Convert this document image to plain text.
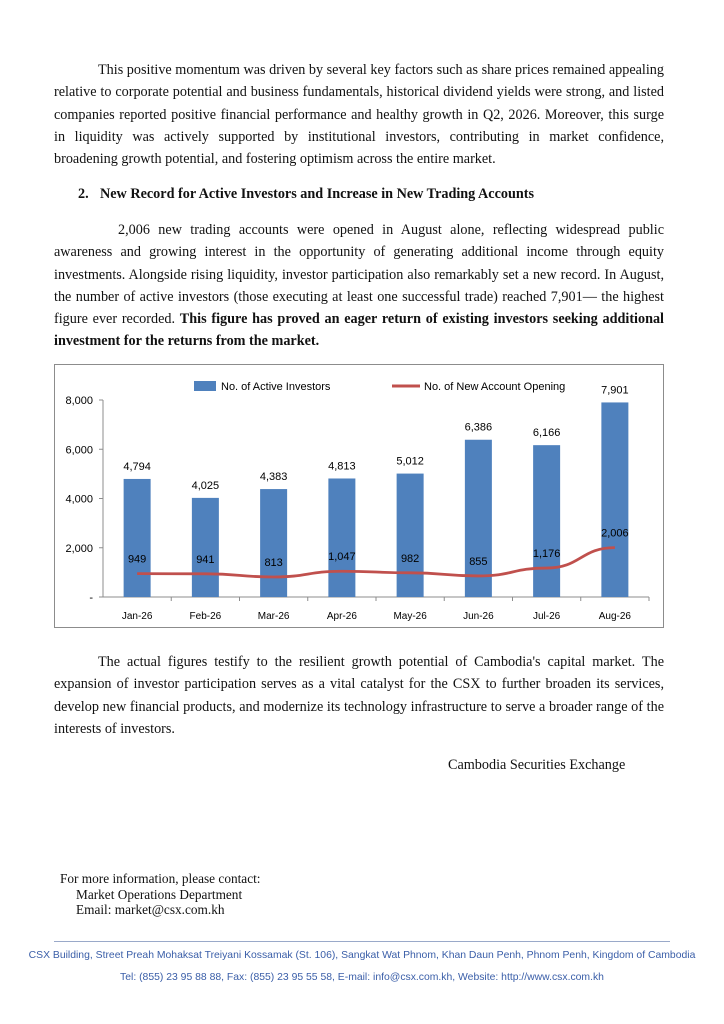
This positive momentum was driven by several key factors such as share prices remained appealing relative to corporate potential and business fundamentals, historical dividend yields were strong, and listed companies reported positive financial performance and healthy growth in Q2, 2026. Moreover, this surge in liquidity was actively supported by institutional investors, contributing in market confidence, broadening growth potential, and fostering optimism across the entire market.

2. New Record for Active Investors and Increase in New Trading Accounts

2,006 new trading accounts were opened in August alone, reflecting widespread public awareness and growing interest in the opportunity of generating additional income through equity investments. Alongside rising liquidity, investor participation also remarkably set a new record. In August, the number of active investors (those executing at least one successful trade) reached 7,901— the highest figure ever recorded. This figure has proved an eager return of existing investors seeking additional investment for the returns from the market.

-
2,000
4,000
6,000
8,000
4,794
Jan-26
4,025
Feb-26
4,383
Mar-26
4,813
Apr-26
5,012
May-26
6,386
Jun-26
6,166
Jul-26
7,901
Aug-26
949	941	813	1,047	982	855
1,176
2,006
No. of Active Investors	No. of New Account Opening

The actual figures testify to the resilient growth potential of Cambodia's capital market. The expansion of investor participation serves as a vital catalyst for the CSX to further broaden its services, develop new financial products, and modernize its technology infrastructure to serve a broader range of the interests of investors.

Cambodia Securities Exchange

For more information, please contact:

Market Operations Department
Email: market@csx.com.kh

CSX Building, Street Preah Mohaksat Treiyani Kossamak (St. 106), Sangkat Wat Phnom, Khan Daun Penh, Phnom Penh, Kingdom of Cambodia

Tel: (855) 23 95 88 88, Fax: (855) 23 95 55 58, E-mail: info@csx.com.kh, Website: http://www.csx.com.kh
